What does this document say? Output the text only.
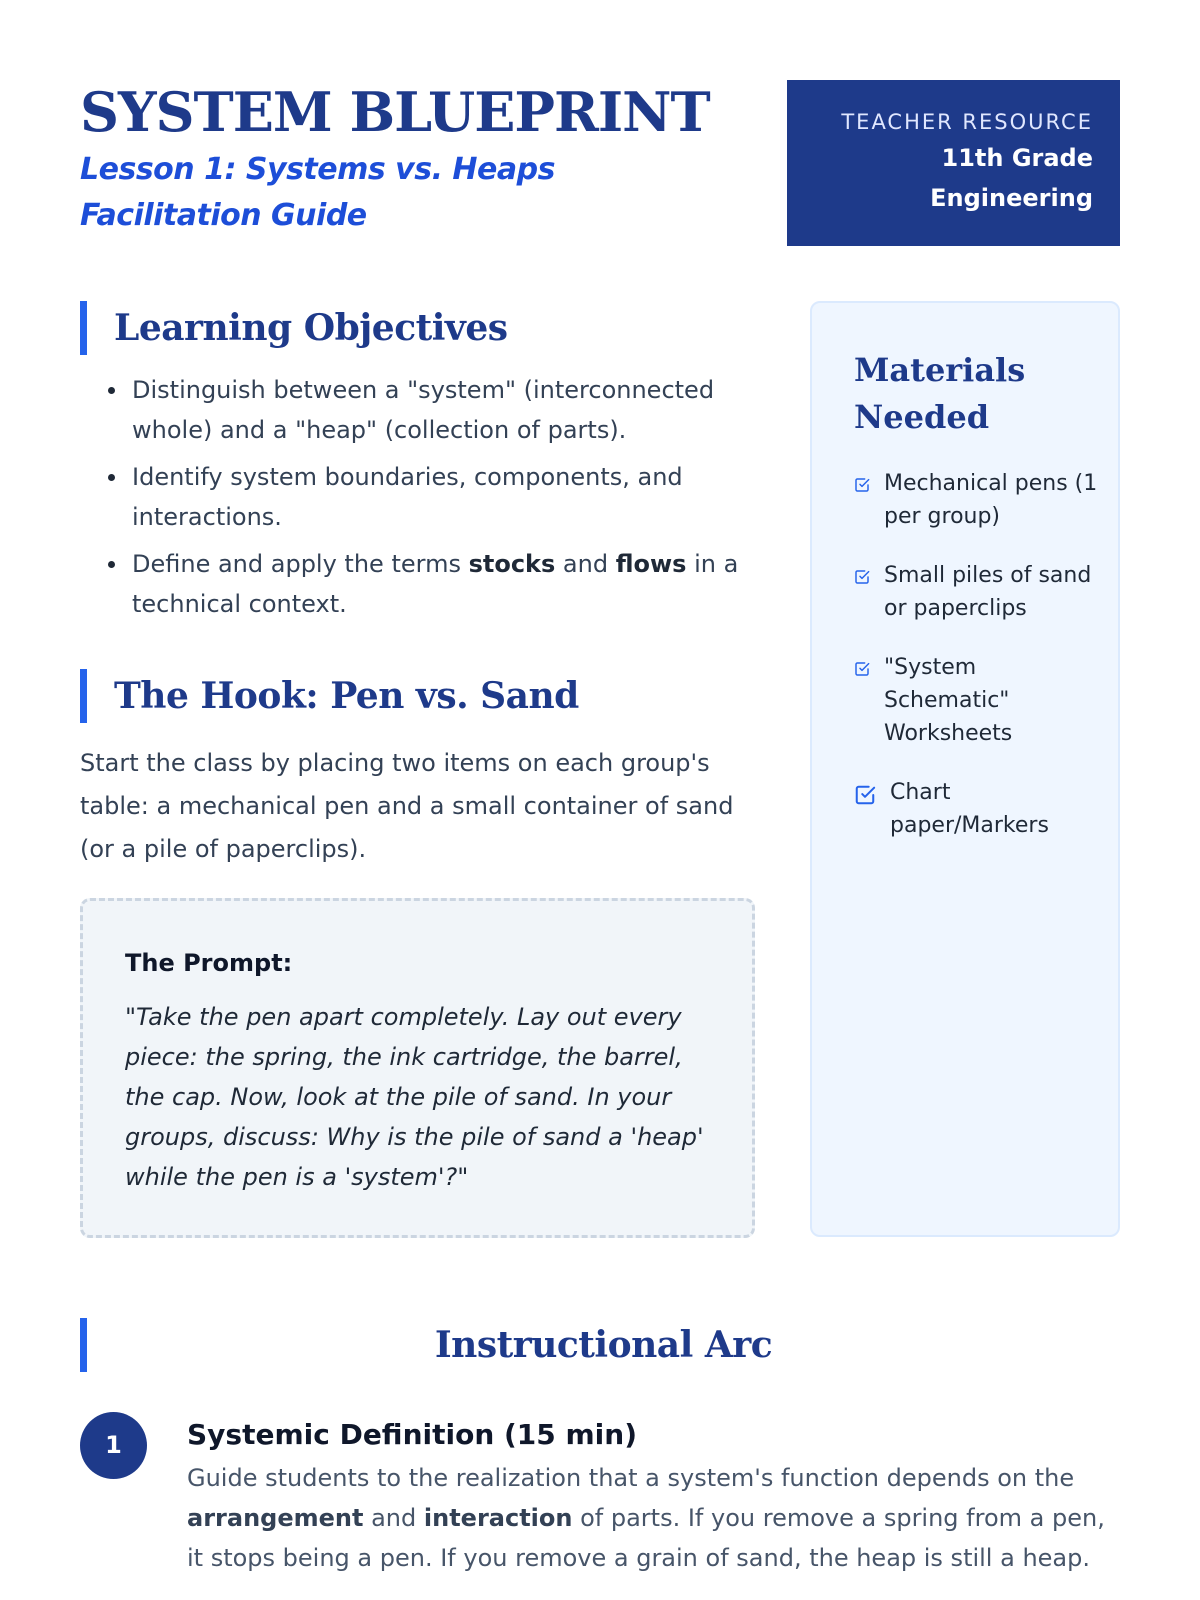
SYSTEM BLUEPRINT

Lesson 1: Systems vs. Heaps Facilitation Guide

TEACHER RESOURCE
11th Grade
Engineering
Learning Objectives
Distinguish between a "system" (interconnected whole) and a "heap" (collection of parts).
Identify system boundaries, components, and interactions.
Define and apply the terms stocks and flows in a technical context.
The Hook: Pen vs. Sand

Start the class by placing two items on each group's table: a mechanical pen and a small container of sand (or a pile of paperclips).

The Prompt:

"Take the pen apart completely. Lay out every piece: the spring, the ink cartridge, the barrel, the cap. Now, look at the pile of sand. In your groups, discuss: Why is the pile of sand a 'heap' while the pen is a 'system'?"

Materials Needed
Mechanical pens (1 per group)
Small piles of sand or paperclips
"System Schematic" Worksheets
Chart paper/Markers
Instructional Arc
1	Systemic Definition (15 min)

Guide students to the realization that a system's function depends on the arrangement and interaction of parts. If you remove a spring from a pen, it stops being a pen. If you remove a grain of sand, the heap is still a heap.
